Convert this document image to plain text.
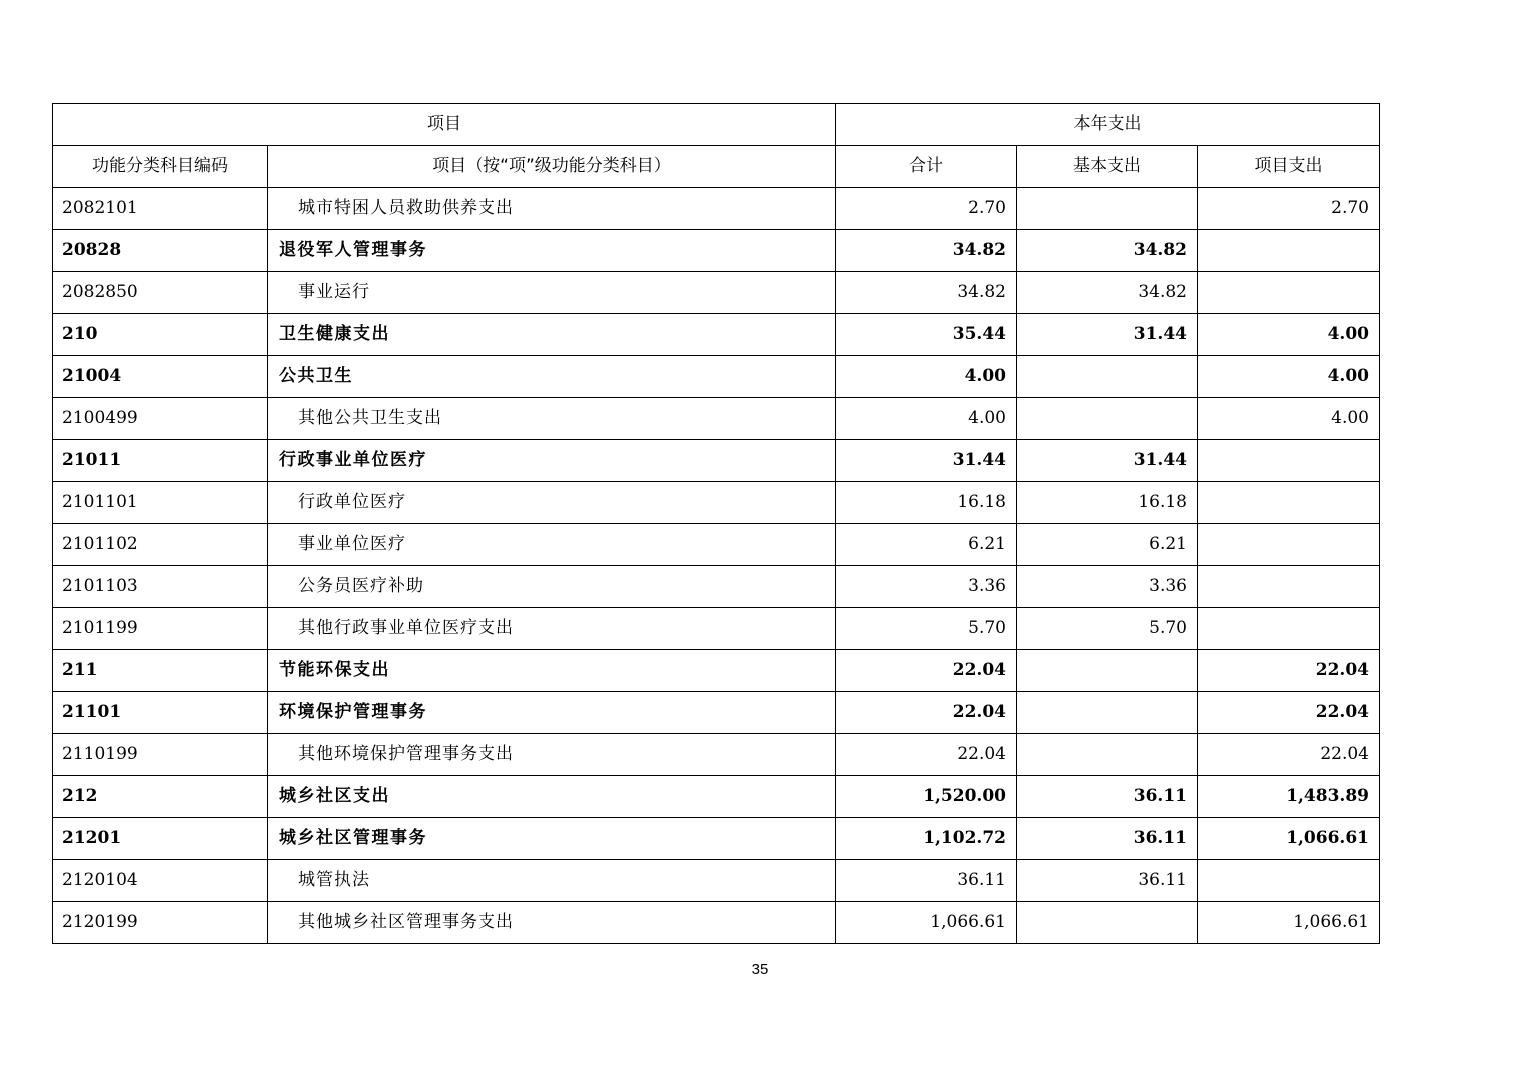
项目		本年支出		
功能分类科目编码	项目（按“项”级功能分类科目）	合计	基本支出	项目支出
2082101	城市特困人员救助供养支出	2.70		2.70
20828	退役军人管理事务	34.82	34.82	
2082850	事业运行	34.82	34.82	
210	卫生健康支出	35.44	31.44	4.00
21004	公共卫生	4.00		4.00
2100499	其他公共卫生支出	4.00		4.00
21011	行政事业单位医疗	31.44	31.44	
2101101	行政单位医疗	16.18	16.18	
2101102	事业单位医疗	6.21	6.21	
2101103	公务员医疗补助	3.36	3.36	
2101199	其他行政事业单位医疗支出	5.70	5.70	
211	节能环保支出	22.04		22.04
21101	环境保护管理事务	22.04		22.04
2110199	其他环境保护管理事务支出	22.04		22.04
212	城乡社区支出	1,520.00	36.11	1,483.89
21201	城乡社区管理事务	1,102.72	36.11	1,066.61
2120104	城管执法	36.11	36.11	
2120199	其他城乡社区管理事务支出	1,066.61		1,066.61
35
